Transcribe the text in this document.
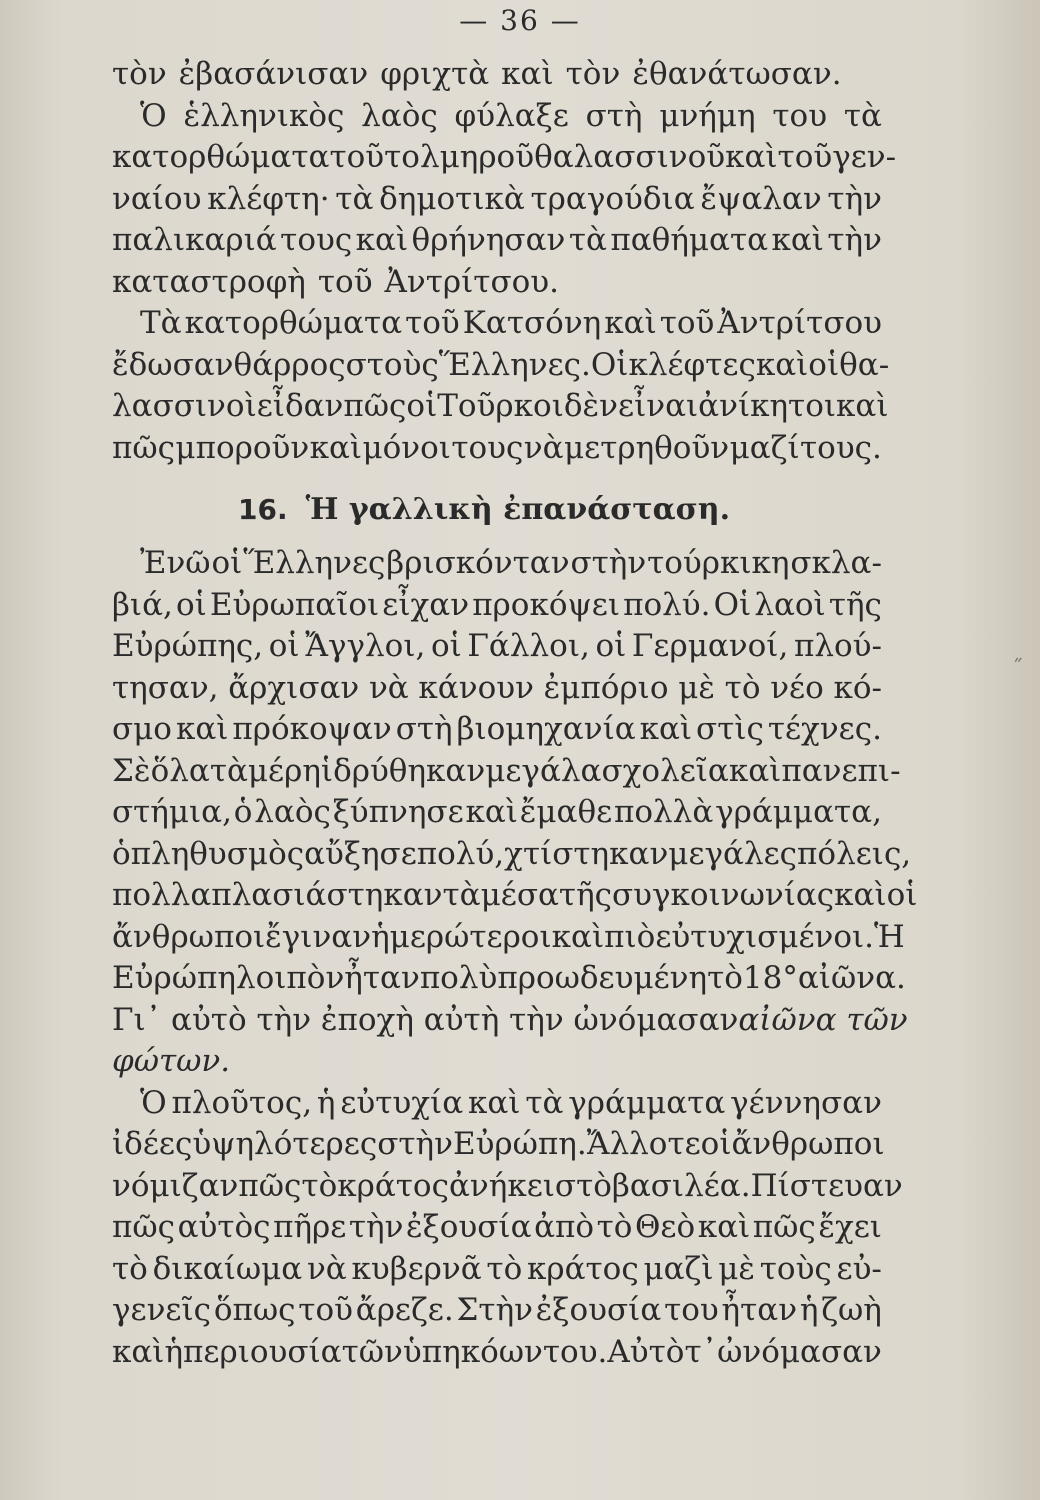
— 36 —
˝
τὸν ἐβασάνισαν φριχτὰ καὶ τὸν ἐθανάτωσαν.
Ὁ ἑλληνικὸς λαὸς φύλαξε στὴ μνήμη του τὰ
κατορθώματα τοῦ τολμηροῦ θαλασσινοῦ καὶ τοῦ γεν-
ναίου κλέφτη· τὰ δημοτικὰ τραγούδια ἔψαλαν τὴν
παλικαριά τους καὶ θρήνησαν τὰ παθήματα καὶ τὴν
καταστροφὴ τοῦ Ἀντρίτσου.
Τὰ κατορθώματα τοῦ Κατσόνη καὶ τοῦ Ἀντρίτσου
ἔδωσαν θάρρος στοὺς Ἕλληνες. Οἱ κλέφτες καὶ οἱ θα-
λασσινοὶ εἶδαν πῶς οἱ Τοῦρκοι δὲν εἶναι ἀνίκητοι καὶ
πῶς μποροῦν καὶ μόνοι τους νὰ μετρηθοῦν μαζί τους.
16. Ἡ γαλλικὴ ἐπανάσταση.
Ἐνῶ οἱ Ἕλληνες βρισκόνταν στὴν τούρκικη σκλα-
βιά, οἱ Εὐρωπαῖοι εἶχαν προκόψει πολύ. Οἱ λαοὶ τῆς
Εὐρώπης, οἱ Ἄγγλοι, οἱ Γάλλοι, οἱ Γερμανοί, πλού-
τησαν, ἄρχισαν νὰ κάνουν ἐμπόριο μὲ τὸ νέο κό-
σμο καὶ πρόκοψαν στὴ βιομηχανία καὶ στὶς τέχνες.
Σὲ ὅλα τὰ μέρη ἱδρύθηκαν μεγάλα σχολεῖα καὶ πανεπι-
στήμια, ὁ λαὸς ξύπνησε καὶ ἔμαθε πολλὰ γράμματα,
ὁ πληθυσμὸς αὔξησε πολύ, χτίστηκαν μεγάλες πόλεις,
πολλαπλασιάστηκαν τὰ μέσα τῆς συγκοινωνίας καὶ οἱ
ἄνθρωποι ἔγιναν ἡμερώτεροι καὶ πιὸ εὐτυχισμένοι. Ἡ
Εὐρώπη λοιπὸν ἦταν πολὺ προωδευμένη τὸ 18° αἰῶνα.
Γι᾿ αὐτὸ τὴν ἐποχὴ αὐτὴ τὴν ὠνόμασαν αἰῶνα τῶν
φώτων.
Ὁ πλοῦτος, ἡ εὐτυχία καὶ τὰ γράμματα γέννησαν
ἰδέες ὑψηλότερες στὴν Εὐρώπη. Ἄλλοτε οἱ ἄνθρωποι
νόμιζαν πῶς τὸ κράτος ἀνήκει στὸ βασιλέα. Πίστευαν
πῶς αὐτὸς πῆρε τὴν ἐξουσία ἀπὸ τὸ Θεὸ καὶ πῶς ἔχει
τὸ δικαίωμα νὰ κυβερνᾶ τὸ κράτος μαζὶ μὲ τοὺς εὐ-
γενεῖς ὅπως τοῦ ἄρεζε. Στὴν ἐξουσία του ἦταν ἡ ζωὴ
καὶ ἡ περιουσία τῶν ὑπηκόων του. Αὐτὸ τ᾿ ὠνόμασαν
